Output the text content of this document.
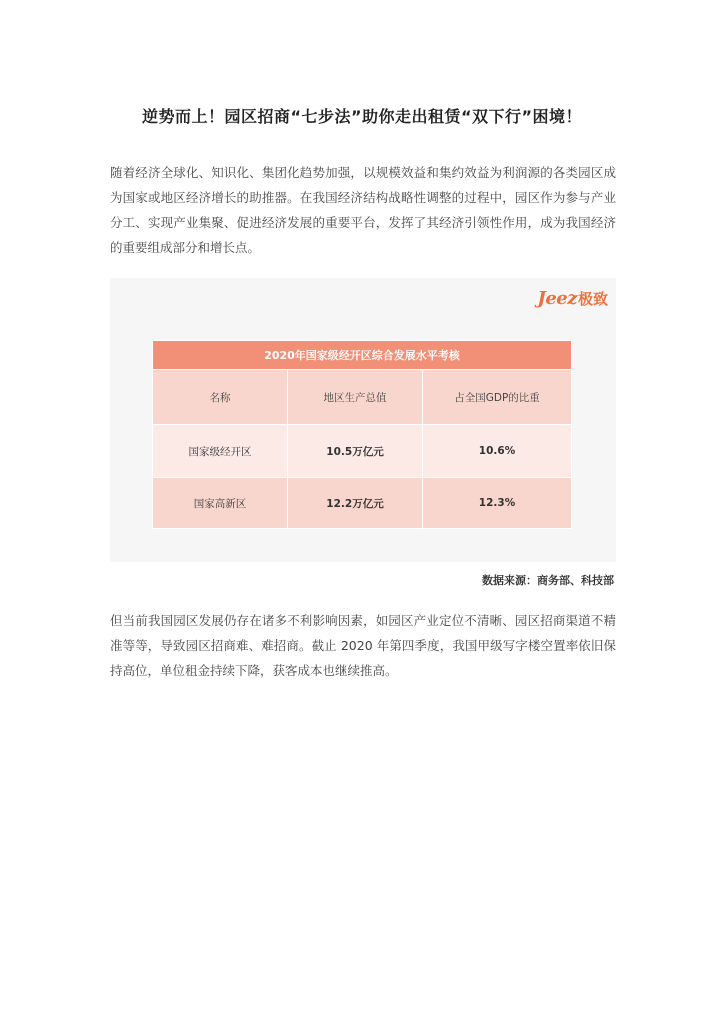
逆势而上！园区招商“七步法”助你走出租赁“双下行”困境！

随着经济全球化、知识化、集团化趋势加强，以规模效益和集约效益为利润源的各类园区成为国家或地区经济增长的助推器。在我国经济结构战略性调整的过程中，园区作为参与产业分工、实现产业集聚、促进经济发展的重要平台，发挥了其经济引领性作用，成为我国经济的重要组成部分和增长点。

Jeez 极致
2020年国家级经开区综合发展水平考核		
名称	地区生产总值	占全国GDP的比重
国家级经开区	10.5万亿元	10.6%
国家高新区	12.2万亿元	12.3%
数据来源：商务部、科技部

但当前我国园区发展仍存在诸多不利影响因素，如园区产业定位不清晰、园区招商渠道不精准等等，导致园区招商难、难招商。截止 2020 年第四季度，我国甲级写字楼空置率依旧保持高位，单位租金持续下降，获客成本也继续推高。
